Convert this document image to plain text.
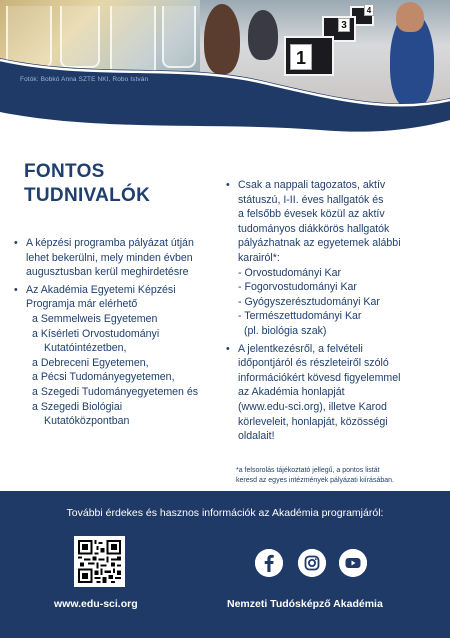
1
3
4
Fotók: Bobkó Anna SZTE NKI, Robo István
FONTOS
TUDNIVALÓK
• A képzési programba pályázat útján
lehet bekerülni, mely minden évben
augusztusban kerül meghirdetésre
• Az Akadémia Egyetemi Képzési
Programja már elérhető
a Semmelweis Egyetemen
a Kísérleti Orvostudományi
Kutatóintézetben,
a Debreceni Egyetemen,
a Pécsi Tudományegyetemen,
a Szegedi Tudományegyetemen és
a Szegedi Biológiai
Kutatóközpontban
• Csak a nappali tagozatos, aktív
státuszú, I-II. éves hallgatók és
a felsőbb évesek közül az aktív
tudományos diákkörös hallgatók
pályázhatnak az egyetemek alábbi
karairól*:
- Orvostudományi Kar
- Fogorvostudományi Kar
- Gyógyszerésztudományi Kar
- Természettudományi Kar
(pl. biológia szak)
• A jelentkezésről, a felvételi
időpontjáról és részleteiről szóló
információkért kövesd figyelemmel
az Akadémia honlapját
(www.edu-sci.org), illetve Karod
körleveleit, honlapját, közösségi
oldalait!
*a felsorolás tájékoztató jellegű, a pontos listát
keresd az egyes intézmények pályázati kiírásában.
További érdekes és hasznos információk az Akadémia programjáról:
www.edu-sci.org	Nemzeti Tudósképző Akadémia
